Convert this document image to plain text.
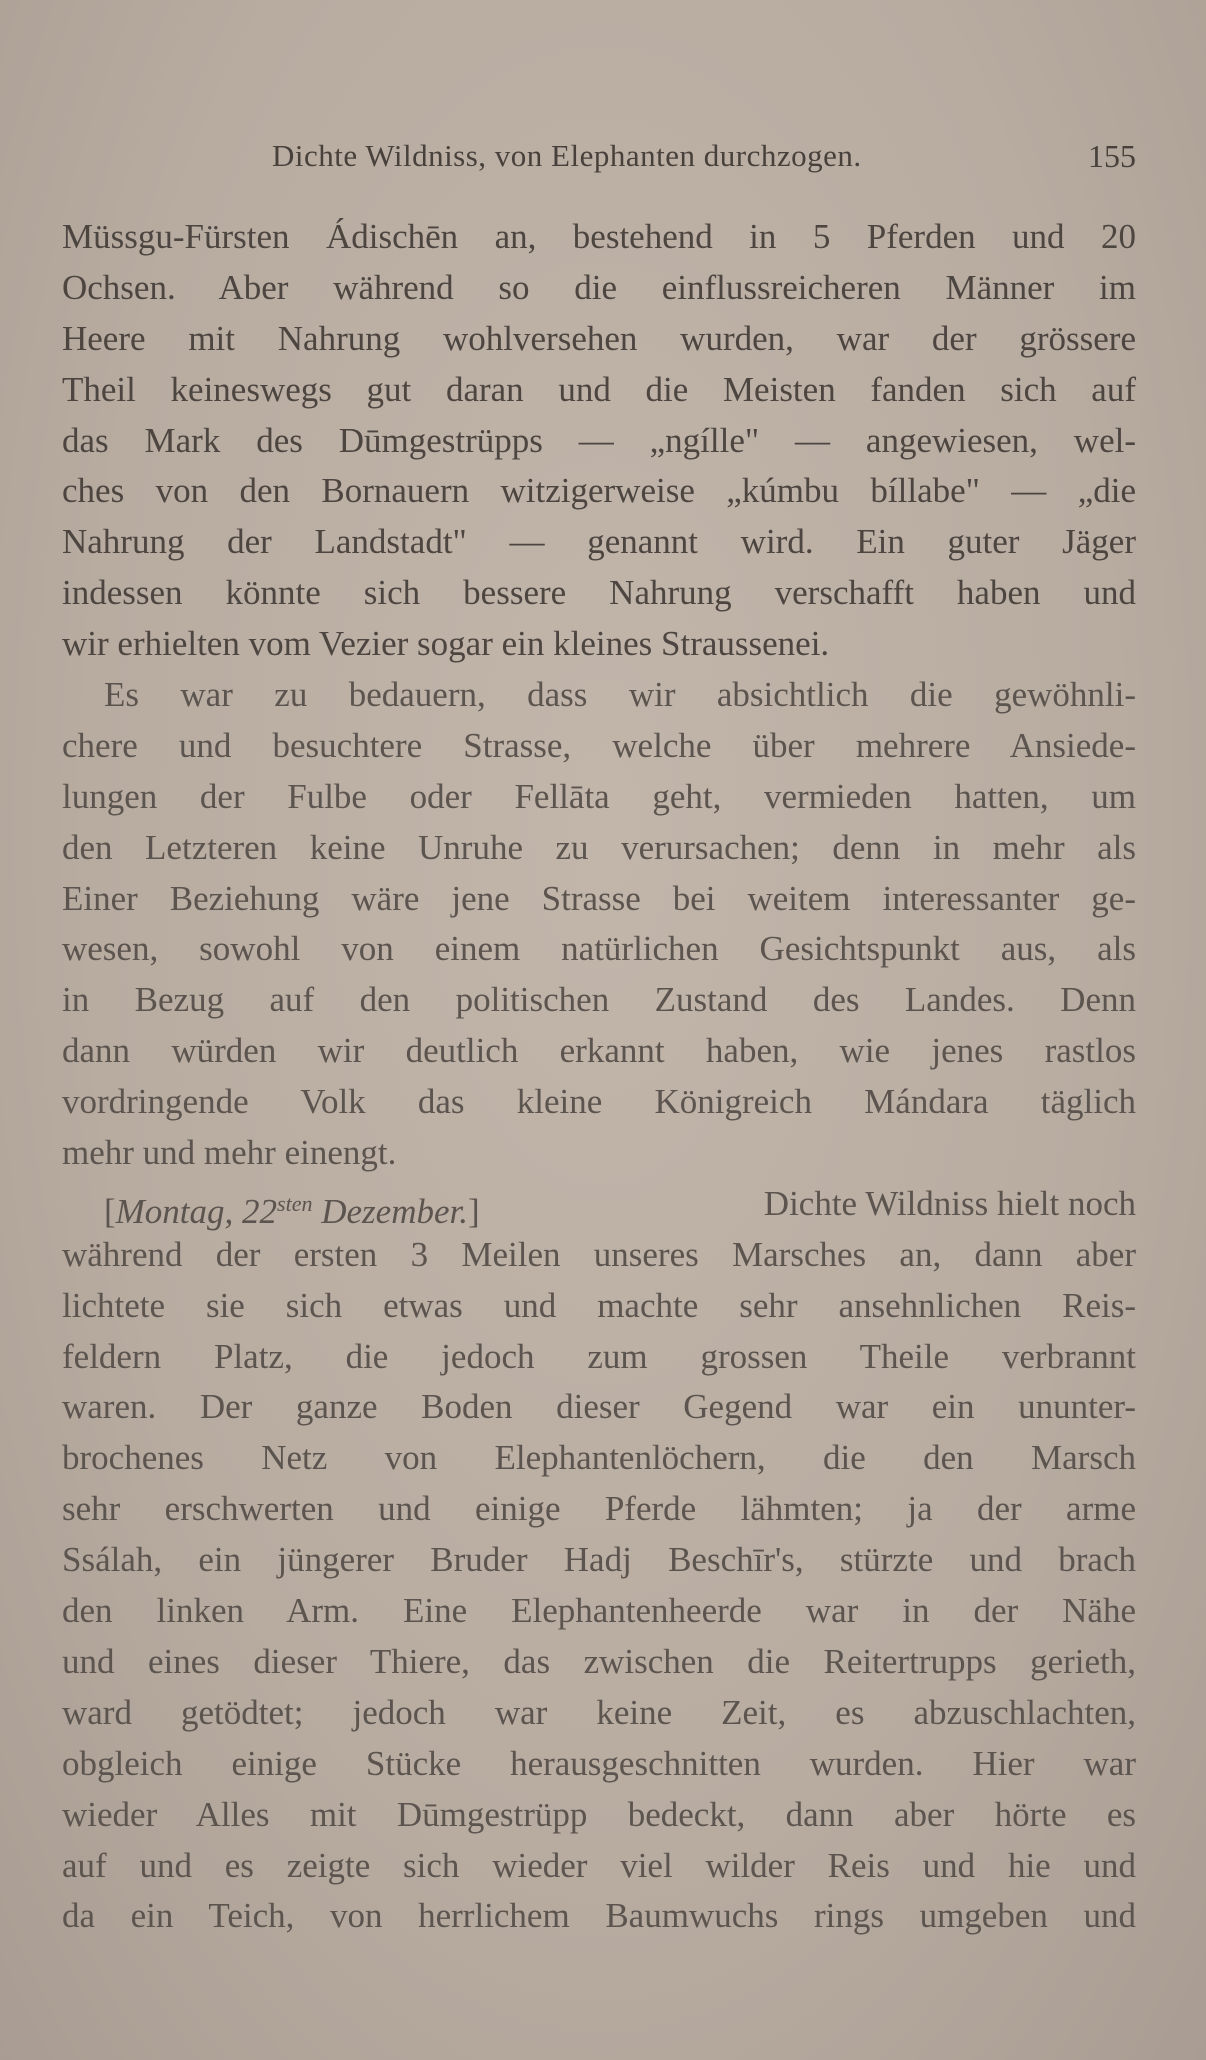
Dichte Wildniss, von Elephanten durchzogen.	155
Müssgu-Fürsten Ádischēn an, bestehend in 5 Pferden und 20
Ochsen. Aber während so die einflussreicheren Männer im
Heere mit Nahrung wohlversehen wurden, war der grössere
Theil keineswegs gut daran und die Meisten fanden sich auf
das Mark des Dūmgestrüpps — „ngílle" — angewiesen, wel-
ches von den Bornauern witzigerweise „kúmbu bíllabe" — „die
Nahrung der Landstadt" — genannt wird. Ein guter Jäger
indessen könnte sich bessere Nahrung verschafft haben und
wir erhielten vom Vezier sogar ein kleines Straussenei.
Es war zu bedauern, dass wir absichtlich die gewöhnli-
chere und besuchtere Strasse, welche über mehrere Ansiede-
lungen der Fulbe oder Fellāta geht, vermieden hatten, um
den Letzteren keine Unruhe zu verursachen; denn in mehr als
Einer Beziehung wäre jene Strasse bei weitem interessanter ge-
wesen, sowohl von einem natürlichen Gesichtspunkt aus, als
in Bezug auf den politischen Zustand des Landes. Denn
dann würden wir deutlich erkannt haben, wie jenes rastlos
vordringende Volk das kleine Königreich Mándara täglich
mehr und mehr einengt.
[Montag, $22^{sten}$ Dezember.]	Dichte Wildniss hielt noch
während der ersten 3 Meilen unseres Marsches an, dann aber
lichtete sie sich etwas und machte sehr ansehnlichen Reis-
feldern Platz, die jedoch zum grossen Theile verbrannt
waren. Der ganze Boden dieser Gegend war ein ununter-
brochenes Netz von Elephantenlöchern, die den Marsch
sehr erschwerten und einige Pferde lähmten; ja der arme
Ssálah, ein jüngerer Bruder Hadj Beschīr's, stürzte und brach
den linken Arm. Eine Elephantenheerde war in der Nähe
und eines dieser Thiere, das zwischen die Reitertrupps gerieth,
ward getödtet; jedoch war keine Zeit, es abzuschlachten,
obgleich einige Stücke herausgeschnitten wurden. Hier war
wieder Alles mit Dūmgestrüpp bedeckt, dann aber hörte es
auf und es zeigte sich wieder viel wilder Reis und hie und
da ein Teich, von herrlichem Baumwuchs rings umgeben und
